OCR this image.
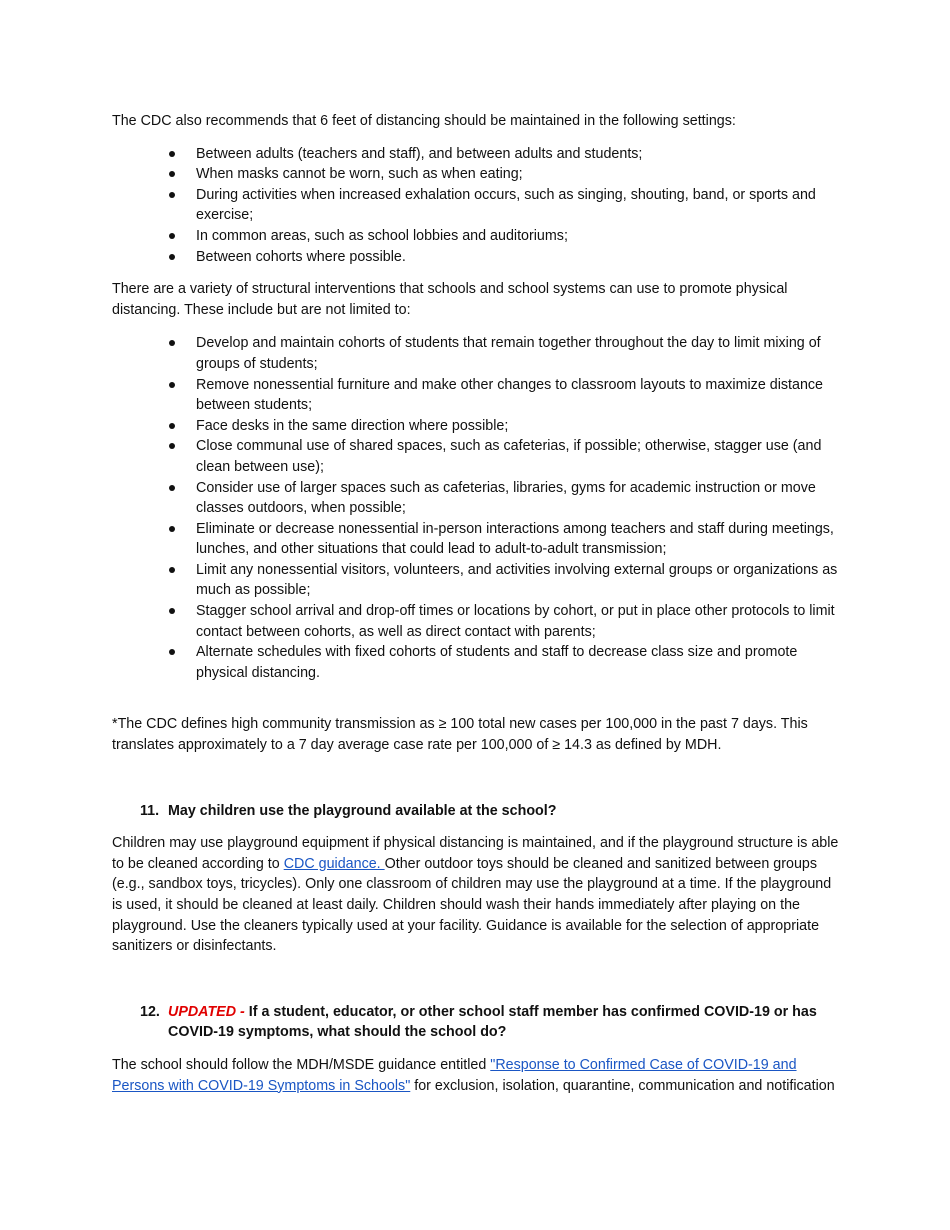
The CDC also recommends that 6 feet of distancing should be maintained in the following settings:

Between adults (teachers and staff), and between adults and students;
When masks cannot be worn, such as when eating;
During activities when increased exhalation occurs, such as singing, shouting, band, or sports and exercise;
In common areas, such as school lobbies and auditoriums;
Between cohorts where possible.

There are a variety of structural interventions that schools and school systems can use to promote physical distancing. These include but are not limited to:

Develop and maintain cohorts of students that remain together throughout the day to limit mixing of groups of students;
Remove nonessential furniture and make other changes to classroom layouts to maximize distance between students;
Face desks in the same direction where possible;
Close communal use of shared spaces, such as cafeterias, if possible; otherwise, stagger use (and clean between use);
Consider use of larger spaces such as cafeterias, libraries, gyms for academic instruction or move classes outdoors, when possible;
Eliminate or decrease nonessential in-person interactions among teachers and staff during meetings, lunches, and other situations that could lead to adult-to-adult transmission;
Limit any nonessential visitors, volunteers, and activities involving external groups or organizations as much as possible;
Stagger school arrival and drop-off times or locations by cohort, or put in place other protocols to limit contact between cohorts, as well as direct contact with parents;
Alternate schedules with fixed cohorts of students and staff to decrease class size and promote physical distancing.

*The CDC defines high community transmission as ≥ 100 total new cases per 100,000 in the past 7 days. This translates approximately to a 7 day average case rate per 100,000 of ≥ 14.3 as defined by MDH.

11. May children use the playground available at the school?

Children may use playground equipment if physical distancing is maintained, and if the playground structure is able to be cleaned according to CDC guidance. Other outdoor toys should be cleaned and sanitized between groups (e.g., sandbox toys, tricycles). Only one classroom of children may use the playground at a time. If the playground is used, it should be cleaned at least daily. Children should wash their hands immediately after playing on the playground. Use the cleaners typically used at your facility. Guidance is available for the selection of appropriate sanitizers or disinfectants.

12. UPDATED - If a student, educator, or other school staff member has confirmed COVID-19 or has COVID-19 symptoms, what should the school do?

The school should follow the MDH/MSDE guidance entitled "Response to Confirmed Case of COVID-19 and Persons with COVID-19 Symptoms in Schools" for exclusion, isolation, quarantine, communication and notification
